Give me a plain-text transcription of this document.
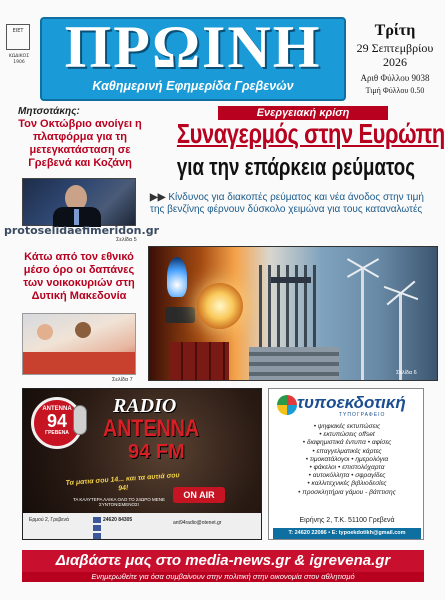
ΕΙΕΤ
ΚΩΔΙΚΟΣ 1906 ΠΡΩΙΝΗ
Καθημερινή Εφημερίδα Γρεβενών
Τρίτη
29 Σεπτεμβρίου 2026
Αριθ Φύλλου 9038
Τιμή Φύλλου 0.50
Μητσοτάκης:
Τον Οκτώβριο ανοίγει η πλατφόρμα για τη μετεγκατάσταση σε Γρεβενά και Κοζάνη
protoselidaefimeridon.gr
Σελίδα 5
Κάτω από τον εθνικό μέσο όρο οι δαπάνες των νοικοκυριών στη Δυτική Μακεδονία
Σελίδα 7
Ενεργειακή κρίση
Συναγερμός στην Ευρώπη
για την επάρκεια ρεύματος
▶▶ Κίνδυνος για διακοπές ρεύματος και νέα άνοδος στην τιμή της βενζίνης φέρνουν δύσκολο χειμώνα για τους καταναλωτές
Σελίδα 6
ANTENNA
94
ΓΡΕΒΕΝΑ
RADIO
ANTENNA
94 FM
Τα ματια σου 14... και τα αυτιά σου 94!
ΤΑ ΚΑΛΥΤΕΡΑ ΛΑΙΚΑ ΟΛΟ ΤΟ 24ΩΡΟ ΜΕΝΕ ΣΥΝΤΟΝΙΣΜΕΝΟΣ!
ON AIR
Ερμού 2, Γρεβενά	24620 84305	ant94radio@otenet.gr
τυποεκδοτική
ΤΥΠΟΓΡΑΦΕΙΟ
• ψηφιακές εκτυπώσεις
• εκτυπώσεις offset
• διαφημιστικά έντυπα • αφίσες
• επαγγελματικές κάρτες
• τιμοκατάλογοι • ημερολόγια
• φάκελοι • επιστολόχαρτα
• αυτοκόλλητα • σφραγίδες
• καλλιτεχνικές βιβλιοδεσίες
• προσκλητήρια γάμου - βάπτισης
Ειρήνης 2, Τ.Κ. 51100 Γρεβενά
Τ: 24620 22086 • E: typoekdotikh@gmail.com
Διαβάστε μας στο media-news.gr & igrevena.gr
Ενημερωθείτε για όσα συμβαίνουν στην πολιτική στην οικονομία στον αθλητισμό
